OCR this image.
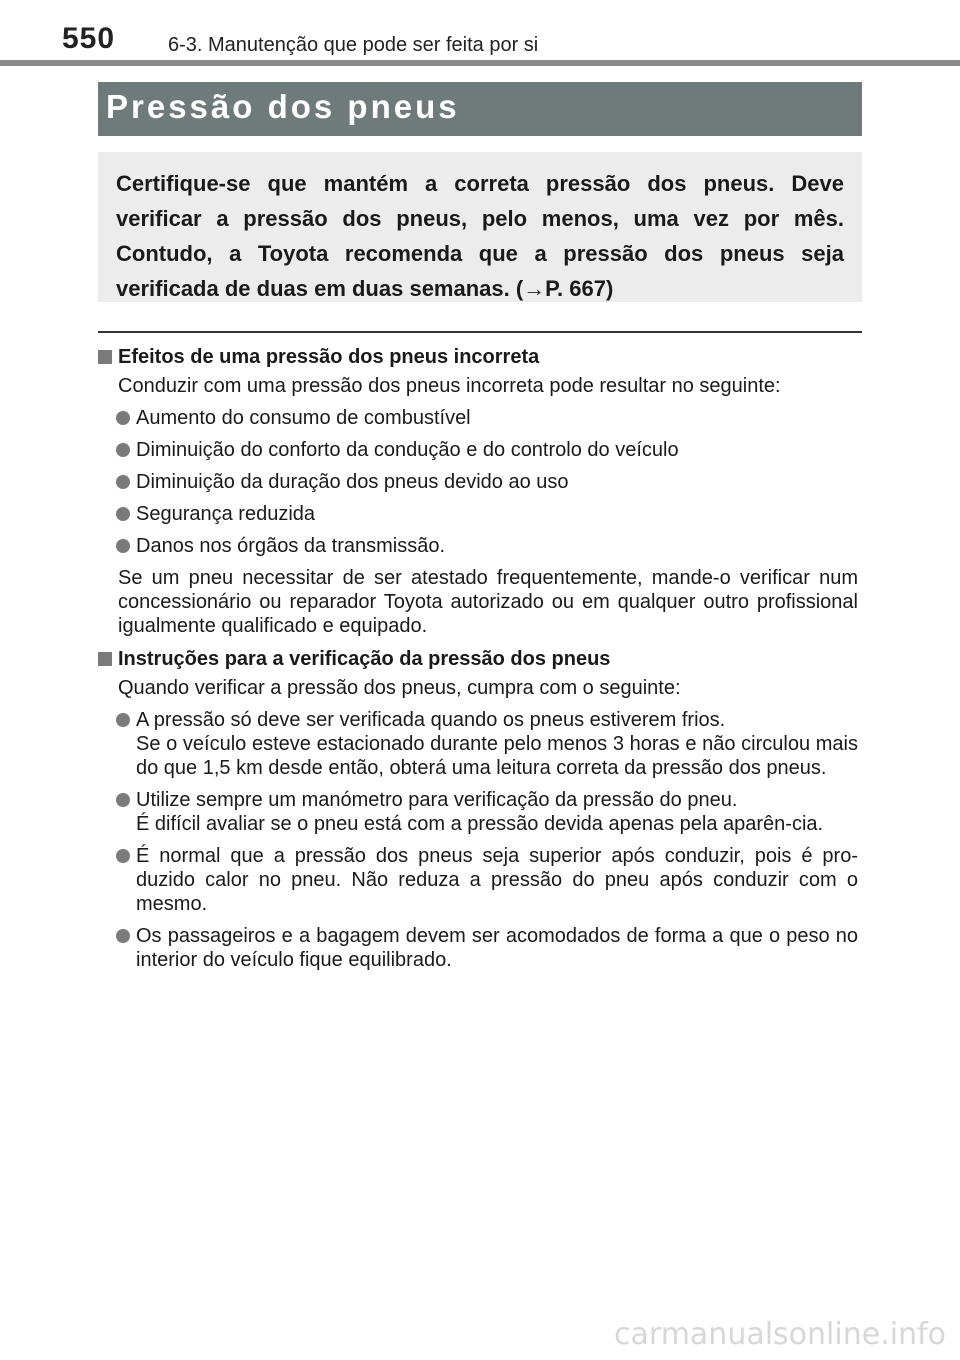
550	6-3. Manutenção que pode ser feita por si
Pressão dos pneus
Certifique-se que mantém a correta pressão dos pneus. Deve verificar a pressão dos pneus, pelo menos, uma vez por mês. Contudo, a Toyota recomenda que a pressão dos pneus seja verificada de duas em duas semanas. (→P. 667)
Efeitos de uma pressão dos pneus incorreta
Conduzir com uma pressão dos pneus incorreta pode resultar no seguinte:
Aumento do consumo de combustível
Diminuição do conforto da condução e do controlo do veículo
Diminuição da duração dos pneus devido ao uso
Segurança reduzida
Danos nos órgãos da transmissão.
Se um pneu necessitar de ser atestado frequentemente, mande-o verificar num concessionário ou reparador Toyota autorizado ou em qualquer outro profissional igualmente qualificado e equipado.
Instruções para a verificação da pressão dos pneus
Quando verificar a pressão dos pneus, cumpra com o seguinte:
A pressão só deve ser verificada quando os pneus estiverem frios.
Se o veículo esteve estacionado durante pelo menos 3 horas e não circulou mais do que 1,5 km desde então, obterá uma leitura correta da pressão dos pneus.
Utilize sempre um manómetro para verificação da pressão do pneu.
É difícil avaliar se o pneu está com a pressão devida apenas pela aparên-cia.
É normal que a pressão dos pneus seja superior após conduzir, pois é pro-duzido calor no pneu. Não reduza a pressão do pneu após conduzir com o mesmo.
Os passageiros e a bagagem devem ser acomodados de forma a que o peso no interior do veículo fique equilibrado.
carmanualsonline.info
